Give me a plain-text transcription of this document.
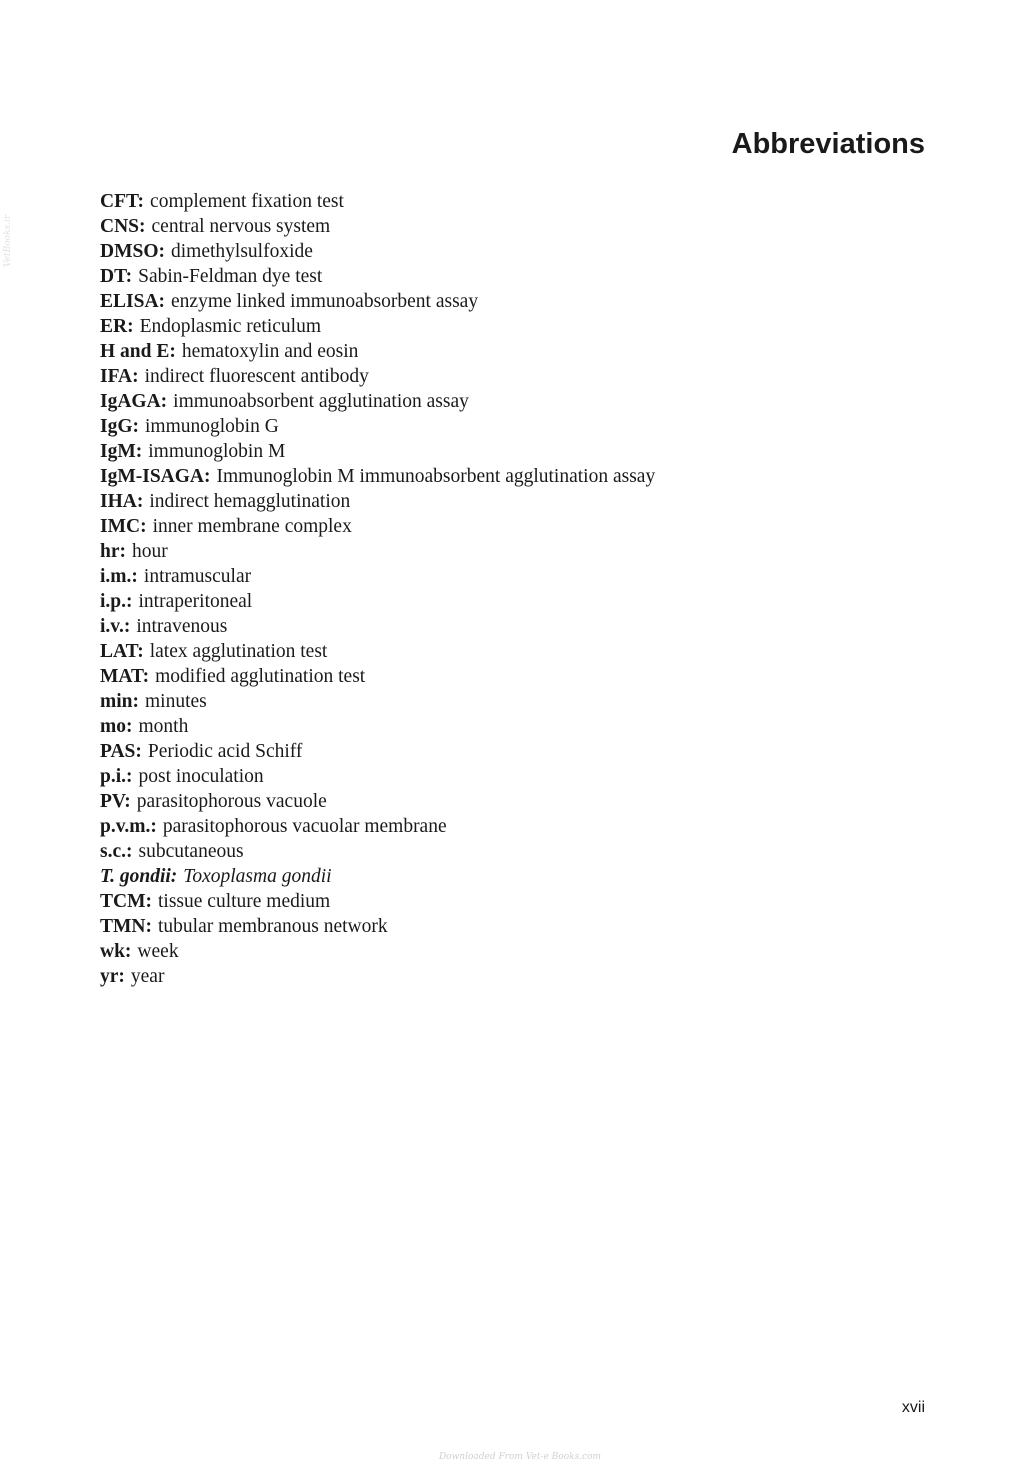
VetBooks.ir
Abbreviations
CFT: complement fixation test
CNS: central nervous system
DMSO: dimethylsulfoxide
DT: Sabin-Feldman dye test
ELISA: enzyme linked immunoabsorbent assay
ER: Endoplasmic reticulum
H and E: hematoxylin and eosin
IFA: indirect fluorescent antibody
IgAGA: immunoabsorbent agglutination assay
IgG: immunoglobin G
IgM: immunoglobin M
IgM-ISAGA: Immunoglobin M immunoabsorbent agglutination assay
IHA: indirect hemagglutination
IMC: inner membrane complex
hr: hour
i.m.: intramuscular
i.p.: intraperitoneal
i.v.: intravenous
LAT: latex agglutination test
MAT: modified agglutination test
min: minutes
mo: month
PAS: Periodic acid Schiff
p.i.: post inoculation
PV: parasitophorous vacuole
p.v.m.: parasitophorous vacuolar membrane
s.c.: subcutaneous
T. gondii: Toxoplasma gondii
TCM: tissue culture medium
TMN: tubular membranous network
wk: week
yr: year
xvii
Downloaded From Vet-e Books.com
